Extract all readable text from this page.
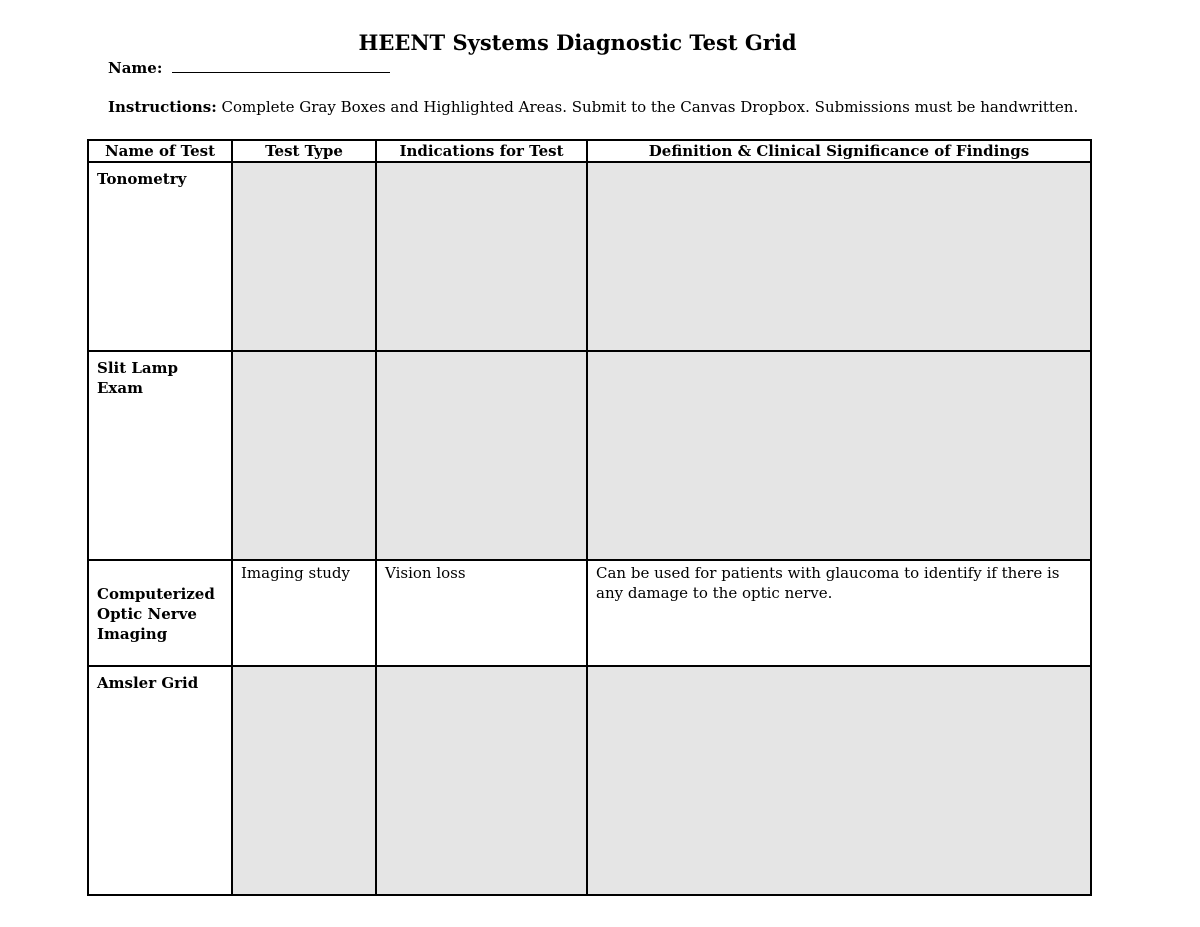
HEENT Systems Diagnostic Test Grid
Name:
Instructions: Complete Gray Boxes and Highlighted Areas. Submit to the Canvas Dropbox. Submissions must be handwritten.
Name of Test	Test Type	Indications for Test	Definition & Clinical Significance of Findings
Tonometry			
Slit Lamp Exam			
Computerized Optic Nerve Imaging	Imaging study	Vision loss	Can be used for patients with glaucoma to identify if there is any damage to the optic nerve.
Amsler Grid			
